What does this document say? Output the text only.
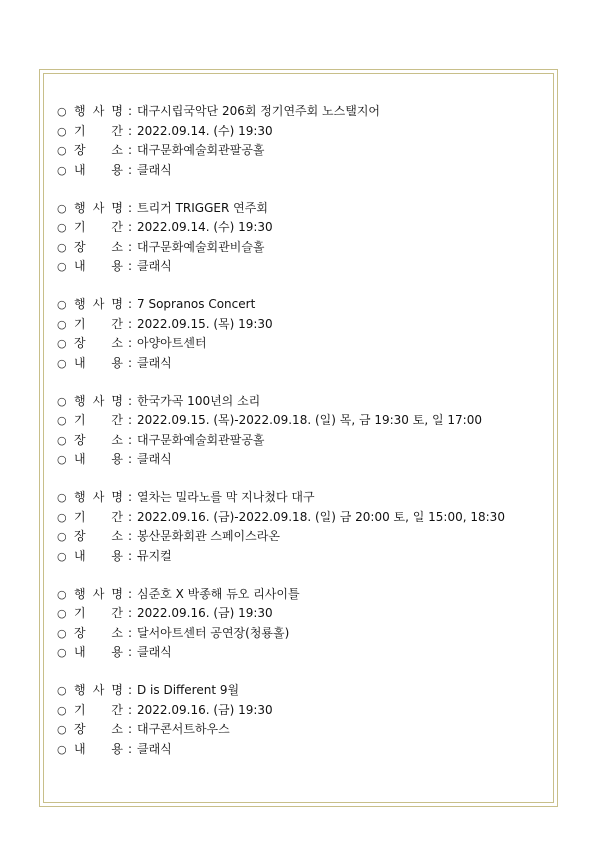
○ 행 사 명 : 대구시립국악단 206회 정기연주회 노스탤지어
○ 기 간 : 2022.09.14. (수) 19:30
○ 장 소 : 대구문화예술회관팔공홀
○ 내 용 : 클래식
○ 행 사 명 : 트리거 TRIGGER 연주회
○ 기 간 : 2022.09.14. (수) 19:30
○ 장 소 : 대구문화예술회관비슬홀
○ 내 용 : 클래식
○ 행 사 명 : 7 Sopranos Concert
○ 기 간 : 2022.09.15. (목) 19:30
○ 장 소 : 아양아트센터
○ 내 용 : 클래식
○ 행 사 명 : 한국가곡 100년의 소리
○ 기 간 : 2022.09.15. (목)-2022.09.18. (일) 목, 금 19:30 토, 일 17:00
○ 장 소 : 대구문화예술회관팔공홀
○ 내 용 : 클래식
○ 행 사 명 : 열차는 밀라노를 막 지나쳤다 대구
○ 기 간 : 2022.09.16. (금)-2022.09.18. (일) 금 20:00 토, 일 15:00, 18:30
○ 장 소 : 봉산문화회관 스페이스라온
○ 내 용 : 뮤지컬
○ 행 사 명 : 심준호 X 박종해 듀오 리사이틀
○ 기 간 : 2022.09.16. (금) 19:30
○ 장 소 : 달서아트센터 공연장(청룡홀)
○ 내 용 : 클래식
○ 행 사 명 : D is Different 9월
○ 기 간 : 2022.09.16. (금) 19:30
○ 장 소 : 대구콘서트하우스
○ 내 용 : 클래식
